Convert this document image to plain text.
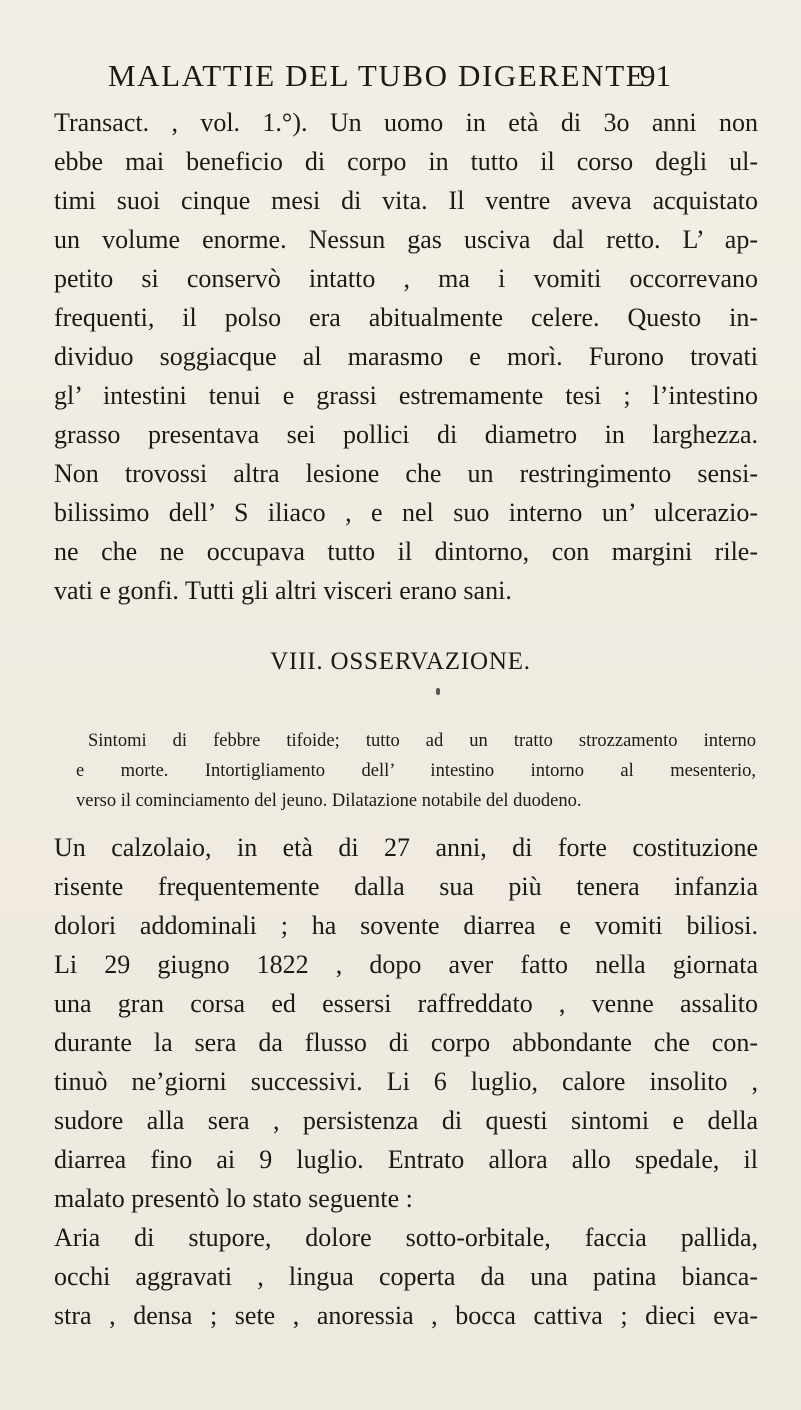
MALATTIE DEL TUBO DIGERENTE
91
Transact. , vol. 1.°). Un uomo in età di 3o anni non
ebbe mai beneficio di corpo in tutto il corso degli ul-
timi suoi cinque mesi di vita. Il ventre aveva acquistato
un volume enorme. Nessun gas usciva dal retto. L’ ap-
petito si conservò intatto , ma i vomiti occorrevano
frequenti, il polso era abitualmente celere. Questo in-
dividuo soggiacque al marasmo e morì. Furono trovati
gl’ intestini tenui e grassi estremamente tesi ; l’intestino
grasso presentava sei pollici di diametro in larghezza.
Non trovossi altra lesione che un restringimento sensi-
bilissimo dell’ S iliaco , e nel suo interno un’ ulcerazio-
ne che ne occupava tutto il dintorno, con margini rile-
vati e gonfi. Tutti gli altri visceri erano sani.
VIII. OSSERVAZIONE.
Sintomi di febbre tifoide; tutto ad un tratto strozzamento interno
e morte. Intortigliamento dell’ intestino intorno al mesenterio,
verso il cominciamento del jeuno. Dilatazione notabile del duodeno.
Un calzolaio, in età di 27 anni, di forte costituzione
risente frequentemente dalla sua più tenera infanzia
dolori addominali ; ha sovente diarrea e vomiti biliosi.
Li 29 giugno 1822 , dopo aver fatto nella giornata
una gran corsa ed essersi raffreddato , venne assalito
durante la sera da flusso di corpo abbondante che con-
tinuò ne’giorni successivi. Li 6 luglio, calore insolito ,
sudore alla sera , persistenza di questi sintomi e della
diarrea fino ai 9 luglio. Entrato allora allo spedale, il
malato presentò lo stato seguente :
Aria di stupore, dolore sotto-orbitale, faccia pallida,
occhi aggravati , lingua coperta da una patina bianca-
stra , densa ; sete , anoressia , bocca cattiva ; dieci eva-
